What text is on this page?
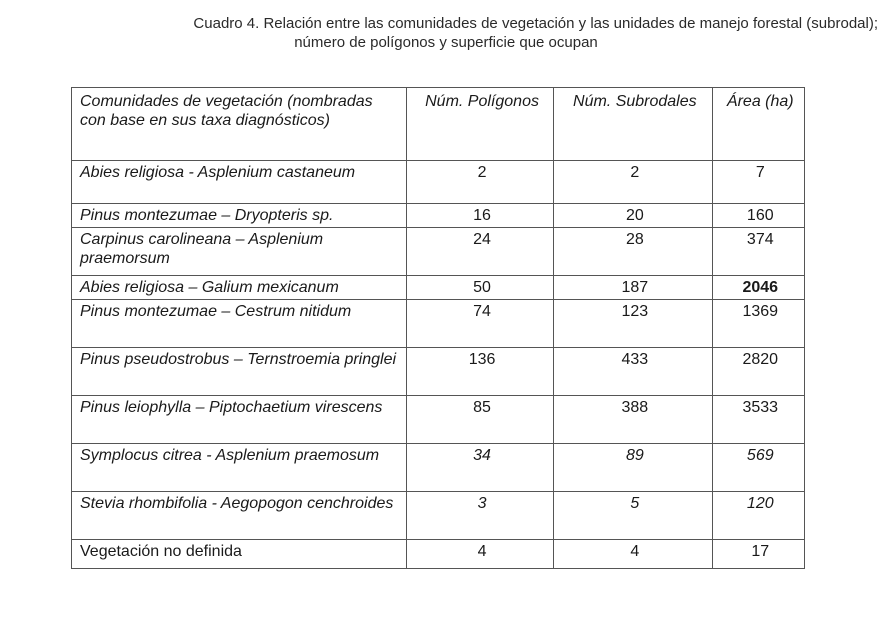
Cuadro 4. Relación entre las comunidades de vegetación y las unidades de manejo forestal (subrodal);
número de polígonos y superficie que ocupan
Comunidades de vegetación (nombradas con base en sus taxa diagnósticos)	Núm. Polígonos	Núm. Subrodales	Área (ha)
Abies religiosa - Asplenium castaneum	2	2	7
Pinus montezumae – Dryopteris sp.	16	20	160
Carpinus carolineana – Asplenium praemorsum	24	28	374
Abies religiosa – Galium mexicanum	50	187	2046
Pinus montezumae – Cestrum nitidum	74	123	1369
Pinus pseudostrobus – Ternstroemia pringlei	136	433	2820
Pinus leiophylla – Piptochaetium virescens	85	388	3533
Symplocus citrea - Asplenium praemosum	34	89	569
Stevia rhombifolia - Aegopogon cenchroides	3	5	120
Vegetación no definida	4	4	17
